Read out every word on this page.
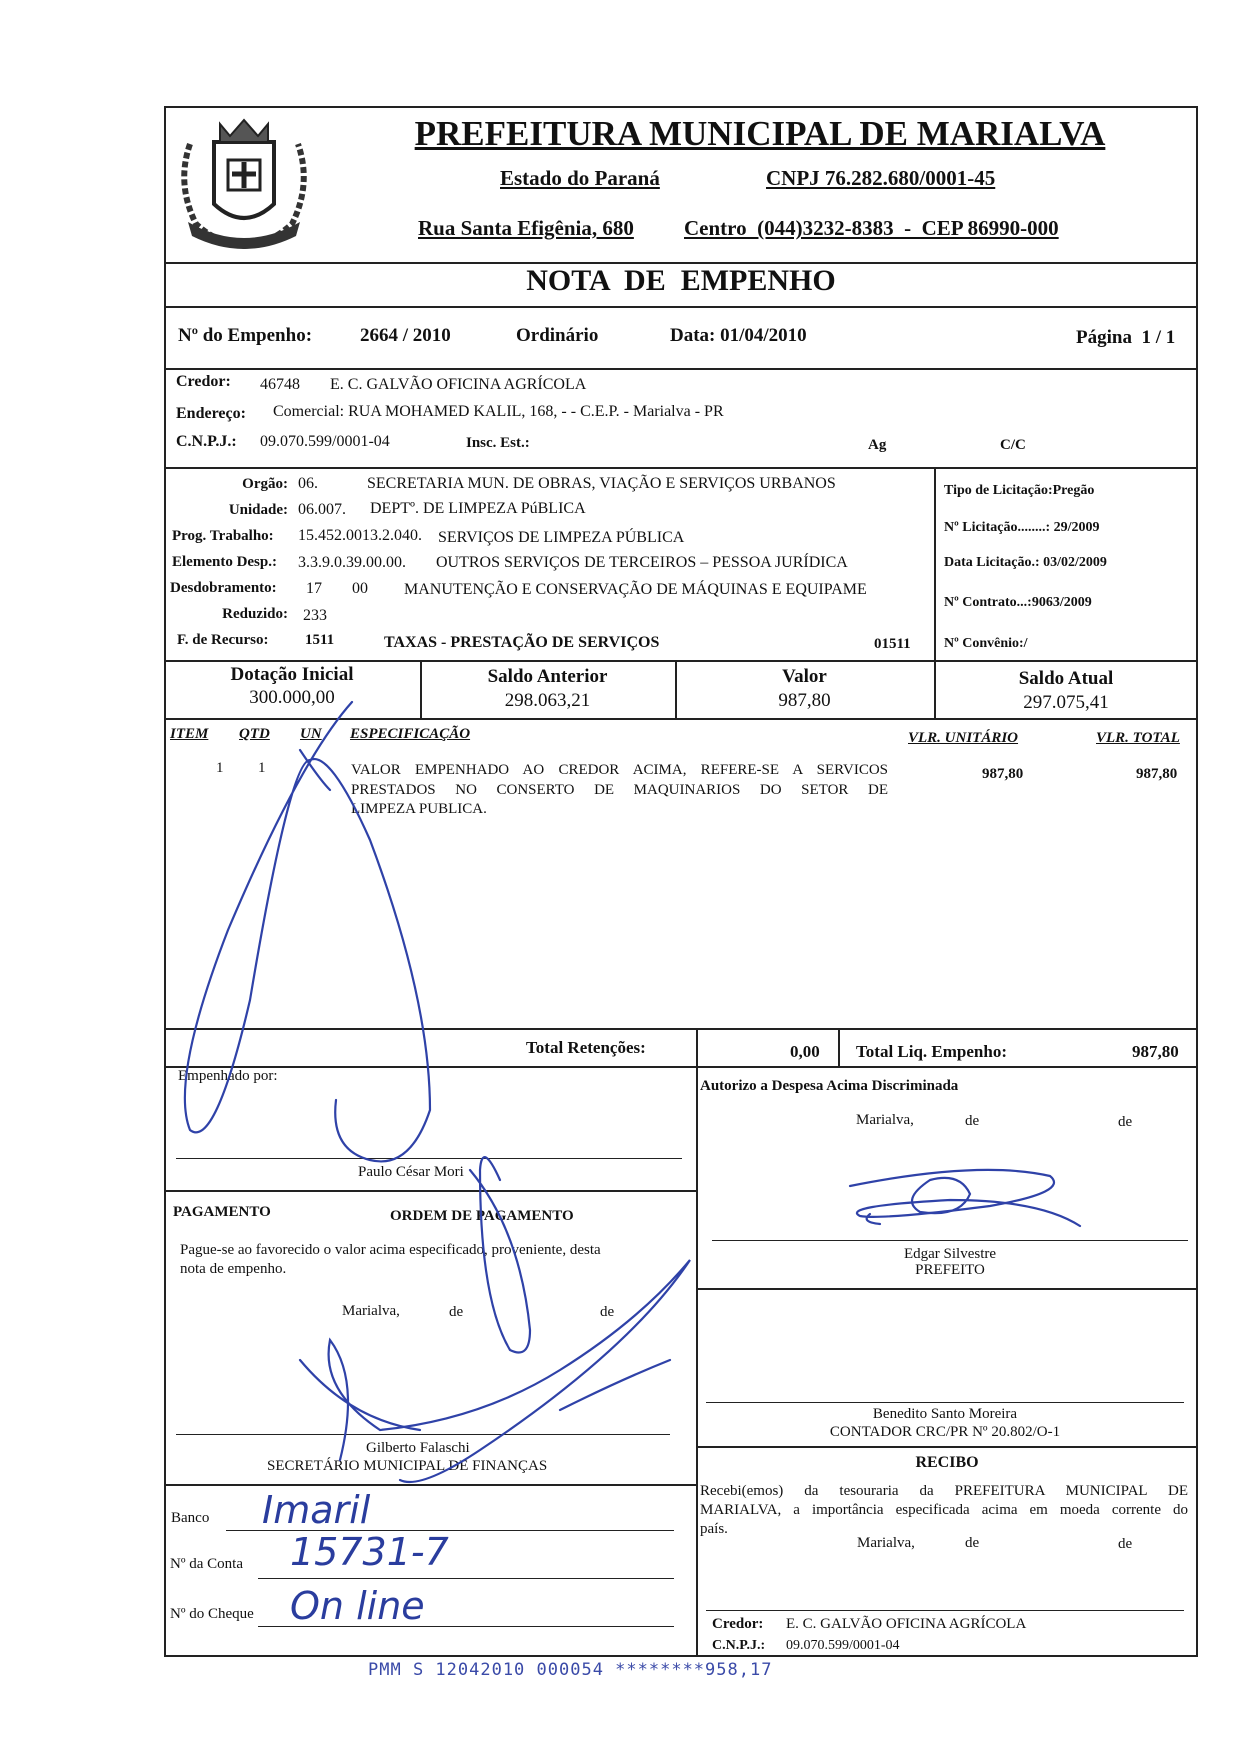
PREFEITURA MUNICIPAL DE MARIALVA
Estado do Paraná	CNPJ 76.282.680/0001-45
Rua Santa Efigênia, 680 Centro  (044)3232-8383  -  CEP 86990-000
NOTA  DE  EMPENHO
Nº do Empenho:	2664 / 2010	Ordinário	Data: 01/04/2010	Página  1 / 1
Credor: 46748 E. C. GALVÃO OFICINA AGRÍCOLA
Endereço: Comercial: RUA MOHAMED KALIL, 168, - - C.E.P. - Marialva - PR
C.N.P.J.: 09.070.599/0001-04	Insc. Est.:	Ag	C/C
Orgão: 06.	SECRETARIA MUN. DE OBRAS, VIAÇÃO E SERVIÇOS URBANOS
Unidade: 06.007. DEPTº. DE LIMPEZA PúBLICA
Prog. Trabalho: 15.452.0013.2.040. SERVIÇOS DE LIMPEZA PÚBLICA
Elemento Desp.: 3.3.9.0.39.00.00. OUTROS SERVIÇOS DE TERCEIROS – PESSOA JURÍDICA
Desdobramento: 17 00 MANUTENÇÃO E CONSERVAÇÃO DE MÁQUINAS E EQUIPAME
Reduzido: 233
F. de Recurso: 1511	TAXAS - PRESTAÇÃO DE SERVIÇOS	01511
Tipo de Licitação:Pregão
Nº Licitação........: 29/2009
Data Licitação.: 03/02/2009
Nº Contrato...:9063/2009
Nº Convênio:/
Dotação Inicial
300.000,00
Saldo Anterior
298.063,21
Valor
987,80
Saldo Atual
297.075,41
ITEM QTD UN ESPECIFICAÇÃO	VLR. UNITÁRIO	VLR. TOTAL
1 1	VALOR EMPENHADO AO CREDOR ACIMA, REFERE-SE A SERVICOS
PRESTADOS NO CONSERTO DE MAQUINARIOS DO SETOR DE
LIMPEZA PUBLICA.
987,80	987,80
Total Retenções:	0,00 Total Liq. Empenho:	987,80
Empenhado por:
Paulo César Mori
Autorizo a Despesa Acima Discriminada
Marialva,	de	de
Edgar Silvestre
PREFEITO
PAGAMENTO	ORDEM DE PAGAMENTO
Pague-se ao favorecido o valor acima especificado, proveniente, desta
nota de empenho.
Marialva,	de	de
Gilberto Falaschi
SECRETÁRIO MUNICIPAL DE FINANÇAS
Banco Imaril
Nº da Conta 15731-7
Nº do Cheque On line
Benedito Santo Moreira
CONTADOR CRC/PR Nº 20.802/O-1
RECIBO
Recebi(emos) da tesouraria da PREFEITURA MUNICIPAL DE
MARIALVA, a importância especificada acima em moeda corrente do
país.
Marialva,	de	de
Credor: E. C. GALVÃO OFICINA AGRÍCOLA
C.N.P.J.: 09.070.599/0001-04
PMM S 12042010 000054 ********958,17
